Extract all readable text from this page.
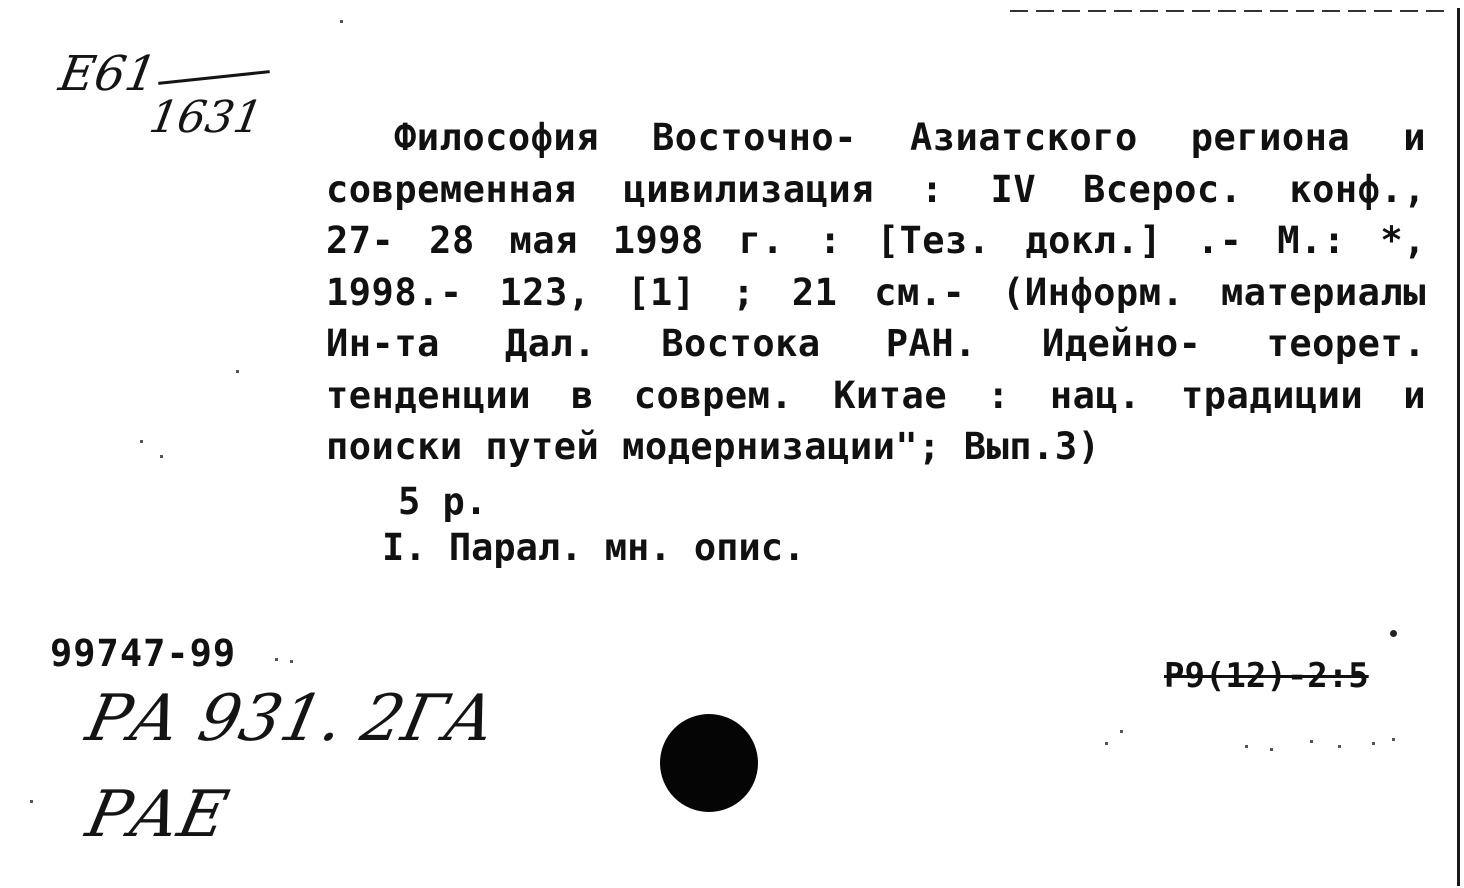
Е61
1631	Философия Восточно- Азиатского региона и
современная цивилизация : IV Всерос. конф.,
27- 28 мая 1998 г. : [Тез. докл.] .- М.: *,
1998.- 123, [1] ; 21 см.- (Информ. материалы
Ин-та Дал. Востока РАН. Идейно- теорет.
тенденции в соврем. Китае : нац. традиции и
поиски путей модернизации"; Вып.3)
5 р.
I. Парал. мн. опис.
99747-99
РА 931. 2ГА
РАЕ
Р9(12)-2:5
